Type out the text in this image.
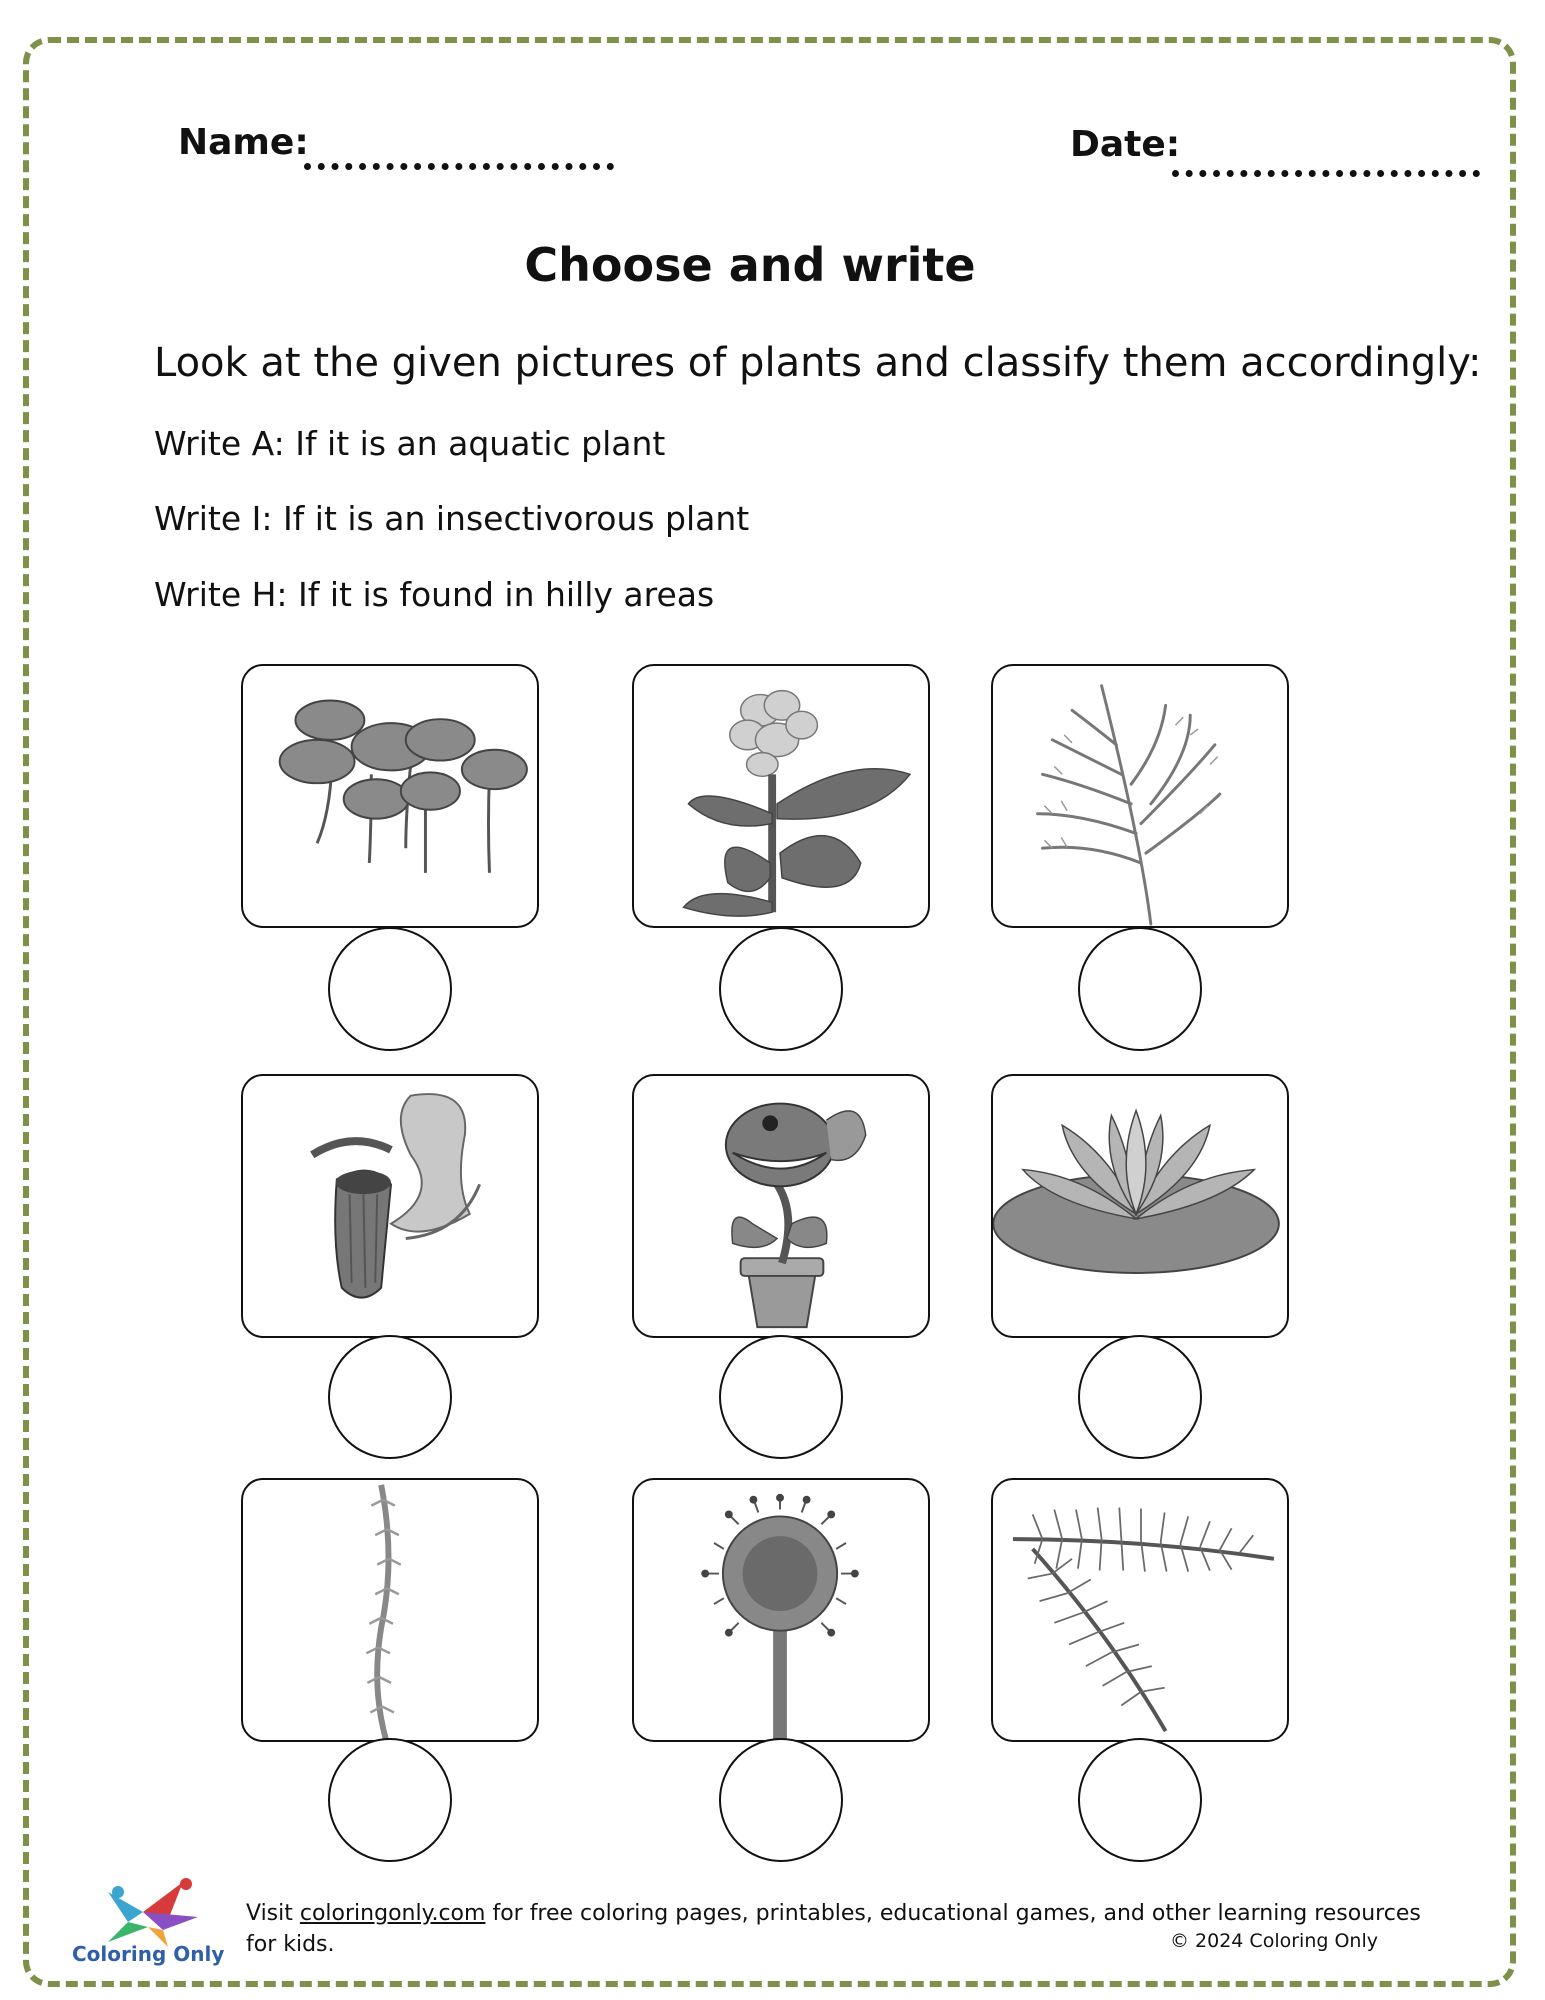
Name:	Date:
Choose and write
Look at the given pictures of plants and classify them accordingly:
Write A: If it is an aquatic plant
Write I: If it is an insectivorous plant
Write H: If it is found in hilly areas
Coloring Only
Visit coloringonly.com for free coloring pages, printables, educational games, and other learning resources for kids.	© 2024 Coloring Only
